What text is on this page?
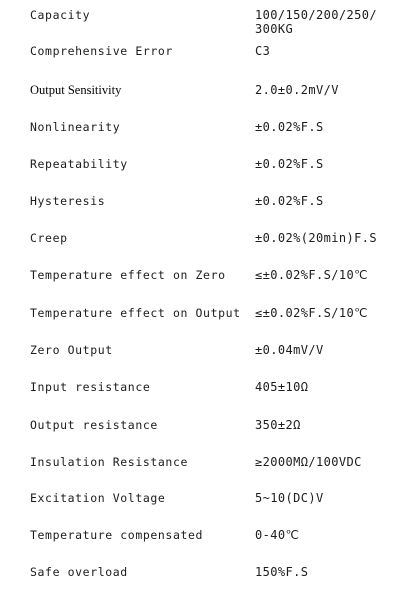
Capacity	100/150/200/250/
300KG
Comprehensive Error	C3
Output Sensitivity	2.0±0.2mV/V
Nonlinearity	±0.02%F.S
Repeatability	±0.02%F.S
Hysteresis	±0.02%F.S
Creep	±0.02%(20min)F.S
Temperature effect on Zero ≤±0.02%F.S/10℃
Temperature effect on Output ≤±0.02%F.S/10℃
Zero Output	±0.04mV/V
Input resistance	405±10Ω
Output resistance	350±2Ω
Insulation Resistance	≥2000MΩ/100VDC
Excitation Voltage	5~10(DC)V
Temperature compensated	0-40℃
Safe overload	150%F.S
